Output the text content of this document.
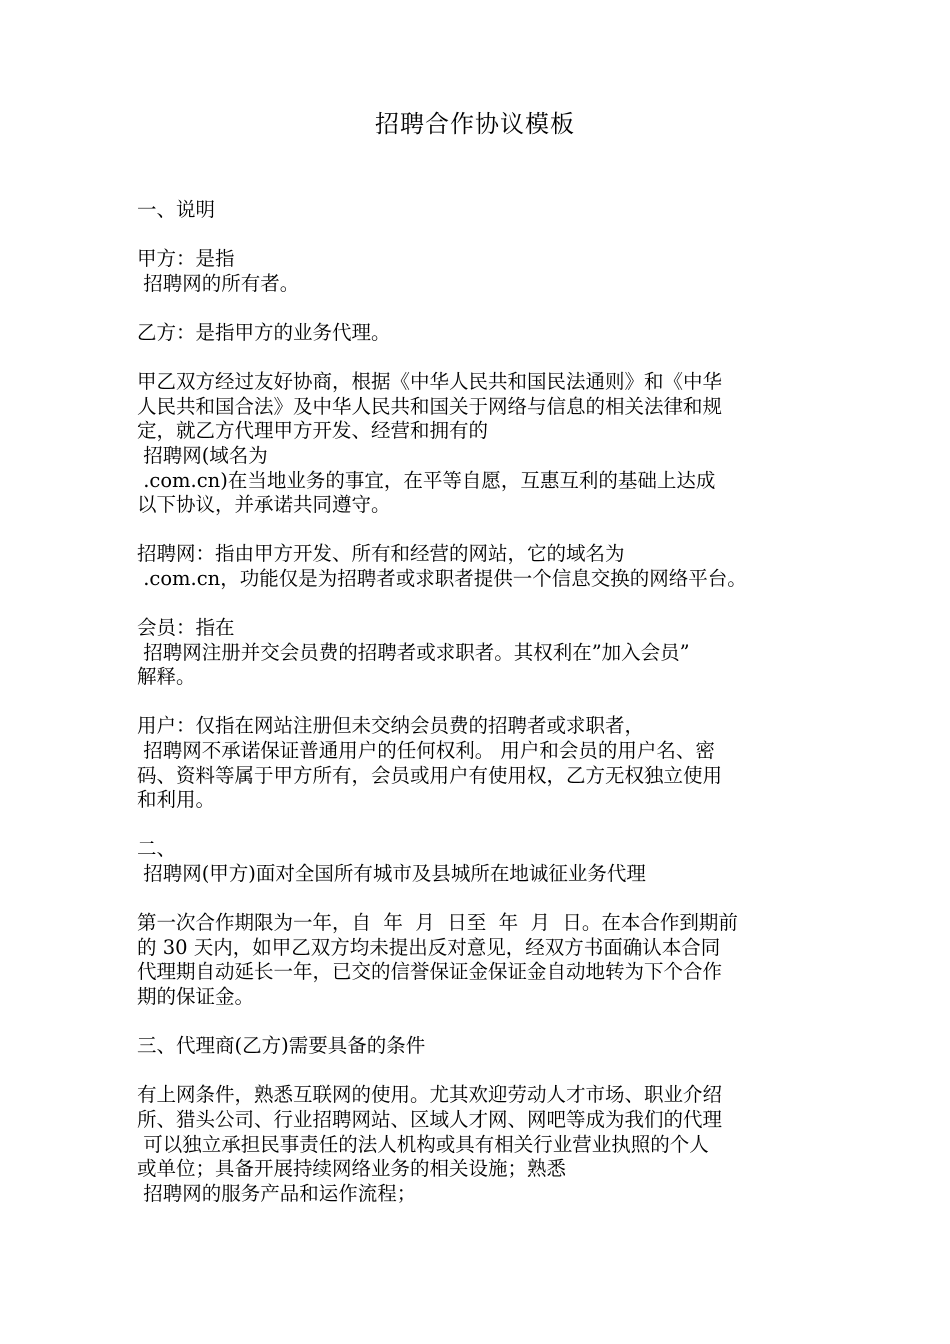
招聘合作协议模板
一、说明
甲方：是指
招聘网的所有者。
乙方：是指甲方的业务代理。
甲乙双方经过友好协商，根据《中华人民共和国民法通则》和《中华
人民共和国合法》及中华人民共和国关于网络与信息的相关法律和规
定，就乙方代理甲方开发、经营和拥有的
招聘网(域名为
.com.cn)在当地业务的事宜，在平等自愿，互惠互利的基础上达成
以下协议，并承诺共同遵守。
招聘网：指由甲方开发、所有和经营的网站，它的域名为
.com.cn，功能仅是为招聘者或求职者提供一个信息交换的网络平台。
会员：指在
招聘网注册并交会员费的招聘者或求职者。其权利在”加入会员”
解释。
用户：仅指在网站注册但未交纳会员费的招聘者或求职者，
招聘网不承诺保证普通用户的任何权利。 用户和会员的用户名、密
码、资料等属于甲方所有，会员或用户有使用权，乙方无权独立使用
和利用。
二、
招聘网(甲方)面对全国所有城市及县城所在地诚征业务代理
第一次合作期限为一年，自  年  月  日至  年  月  日。在本合作到期前
的 30 天内，如甲乙双方均未提出反对意见，经双方书面确认本合同
代理期自动延长一年，已交的信誉保证金保证金自动地转为下个合作
期的保证金。
三、代理商(乙方)需要具备的条件
有上网条件，熟悉互联网的使用。尤其欢迎劳动人才市场、职业介绍
所、猎头公司、行业招聘网站、区域人才网、网吧等成为我们的代理
可以独立承担民事责任的法人机构或具有相关行业营业执照的个人
或单位；具备开展持续网络业务的相关设施；熟悉
招聘网的服务产品和运作流程；
